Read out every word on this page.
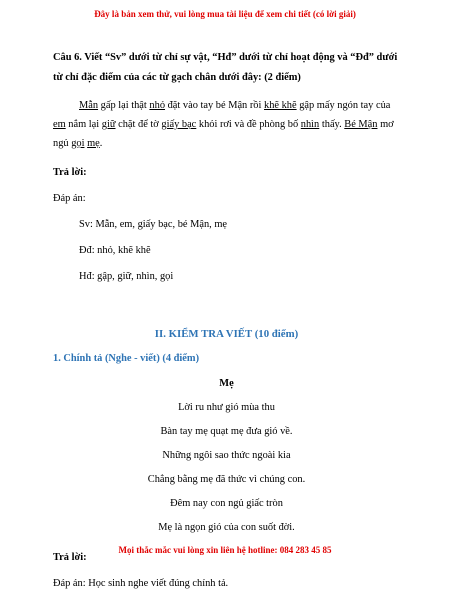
Đây là bản xem thử, vui lòng mua tài liệu để xem chi tiết (có lời giải)

Câu 6. Viết “Sv” dưới từ chỉ sự vật, “Hđ” dưới từ chỉ hoạt động và “Đđ” dưới từ chỉ đặc điểm của các từ gạch chân dưới đây: (2 điểm)

Mẫn gấp lại thật nhỏ đặt vào tay bé Mận rồi khẽ khẽ gập mấy ngón tay của em nắm lại giữ chặt để tờ giấy bạc khỏi rơi và đề phòng bố nhìn thấy. Bé Mận mơ ngủ gọi mẹ.

Trả lời:
Đáp án:
Sv: Mẫn, em, giấy bạc, bé Mận, mẹ
Đđ: nhỏ, khẽ khẽ
Hđ: gập, giữ, nhìn, gọi
II. KIỂM TRA VIẾT (10 điểm)
1. Chính tả (Nghe - viết) (4 điểm)
Mẹ
Lời ru như gió mùa thu
Bàn tay mẹ quạt mẹ đưa gió về.
Những ngôi sao thức ngoài kia
Chẳng bằng mẹ đã thức vì chúng con.
Đêm nay con ngủ giấc tròn
Mẹ là ngọn gió của con suốt đời.
Trả lời:
Đáp án: Học sinh nghe viết đúng chính tả.
Mọi thắc mắc vui lòng xin liên hệ hotline: 084 283 45 85
